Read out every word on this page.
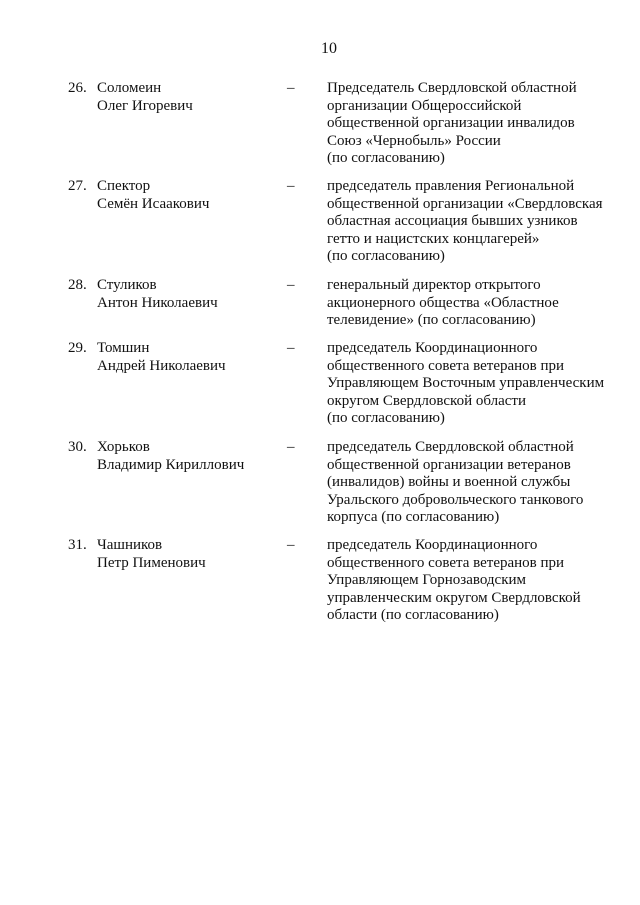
10
26. Соломеин
Олег Игоревич
– Председатель Свердловской областной
организации Общероссийской
общественной организации инвалидов
Союз «Чернобыль» России
(по согласованию)
27. Спектор
Семён Исаакович
– председатель правления Региональной
общественной организации «Свердловская
областная ассоциация бывших узников
гетто и нацистских концлагерей»
(по согласованию)
28. Стуликов
Антон Николаевич
– генеральный директор открытого
акционерного общества «Областное
телевидение» (по согласованию)
29. Томшин
Андрей Николаевич
– председатель Координационного
общественного совета ветеранов при
Управляющем Восточным управленческим
округом Свердловской области
(по согласованию)
30. Хорьков
Владимир Кириллович
– председатель Свердловской областной
общественной организации ветеранов
(инвалидов) войны и военной службы
Уральского добровольческого танкового
корпуса (по согласованию)
31. Чашников
Петр Пименович
– председатель Координационного
общественного совета ветеранов при
Управляющем Горнозаводским
управленческим округом Свердловской
области (по согласованию)
